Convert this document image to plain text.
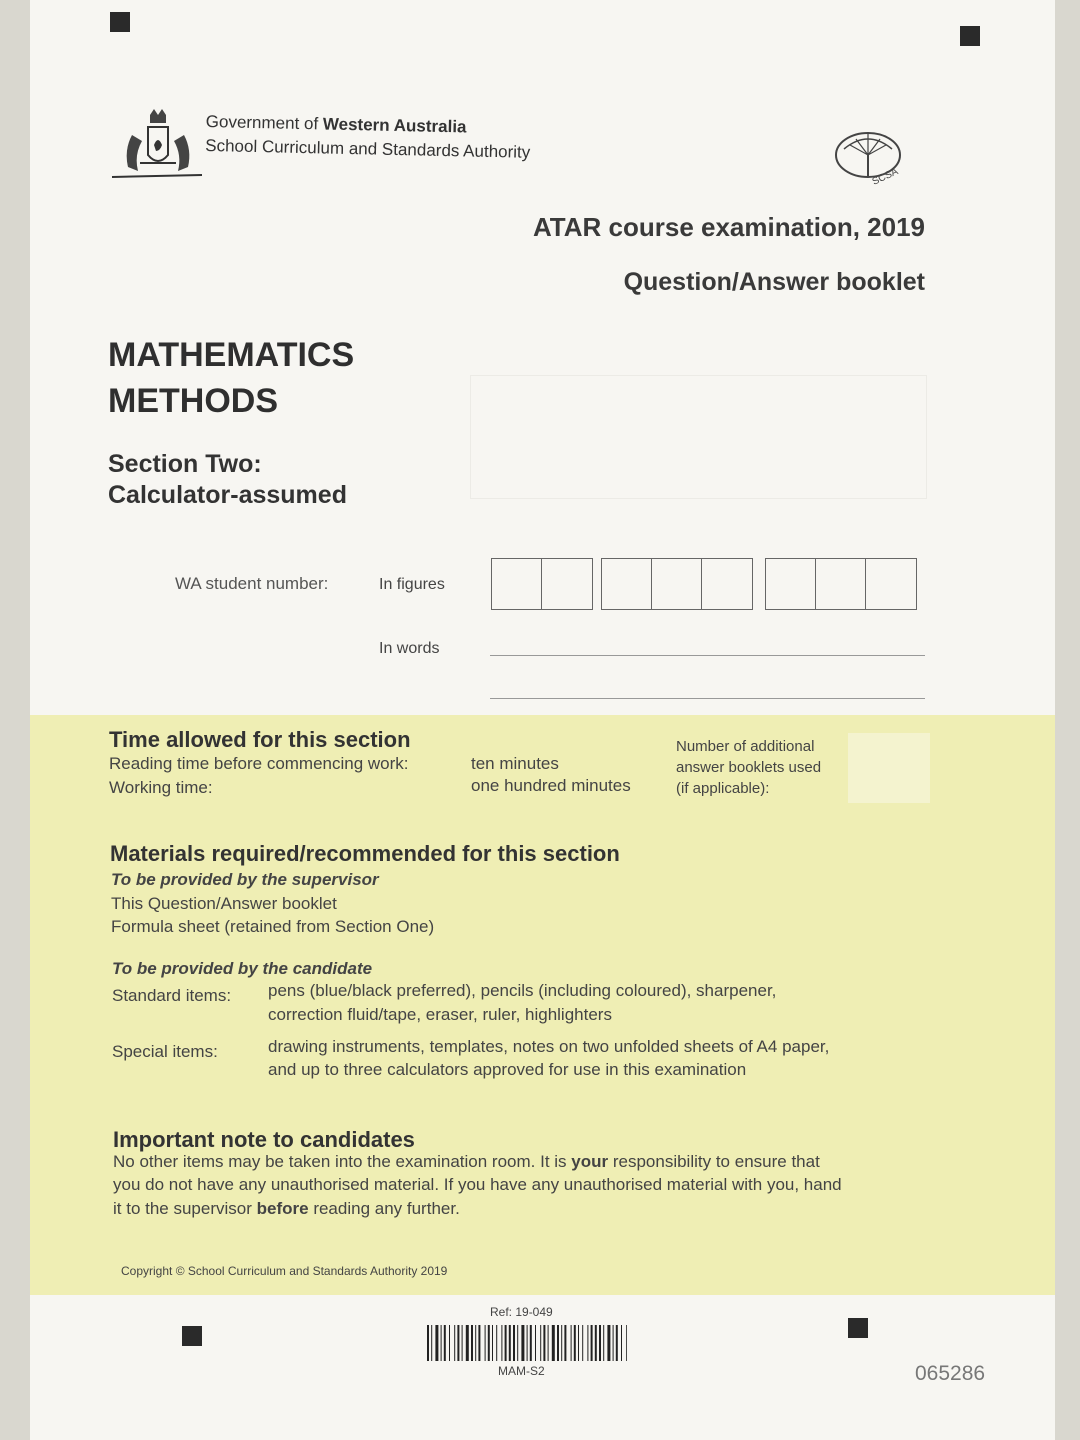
Government of Western Australia
School Curriculum and Standards Authority
SCSA
ATAR course examination, 2019
Question/Answer booklet
MATHEMATICS
METHODS
Section Two:
Calculator-assumed
WA student number:	In figures
In words
Time allowed for this section
Reading time before commencing work:	ten minutes
Working time:	one hundred minutes
Number of additional
answer booklets used
(if applicable):
Materials required/recommended for this section
To be provided by the supervisor
This Question/Answer booklet
Formula sheet (retained from Section One)
To be provided by the candidate
Standard items: pens (blue/black preferred), pencils (including coloured), sharpener,
correction fluid/tape, eraser, ruler, highlighters
Special items:	drawing instruments, templates, notes on two unfolded sheets of A4 paper,
and up to three calculators approved for use in this examination
Important note to candidates
No other items may be taken into the examination room. It is your responsibility to ensure that
you do not have any unauthorised material. If you have any unauthorised material with you, hand
it to the supervisor before reading any further.
Copyright © School Curriculum and Standards Authority 2019
Ref: 19-049
MAM-S2	065286
